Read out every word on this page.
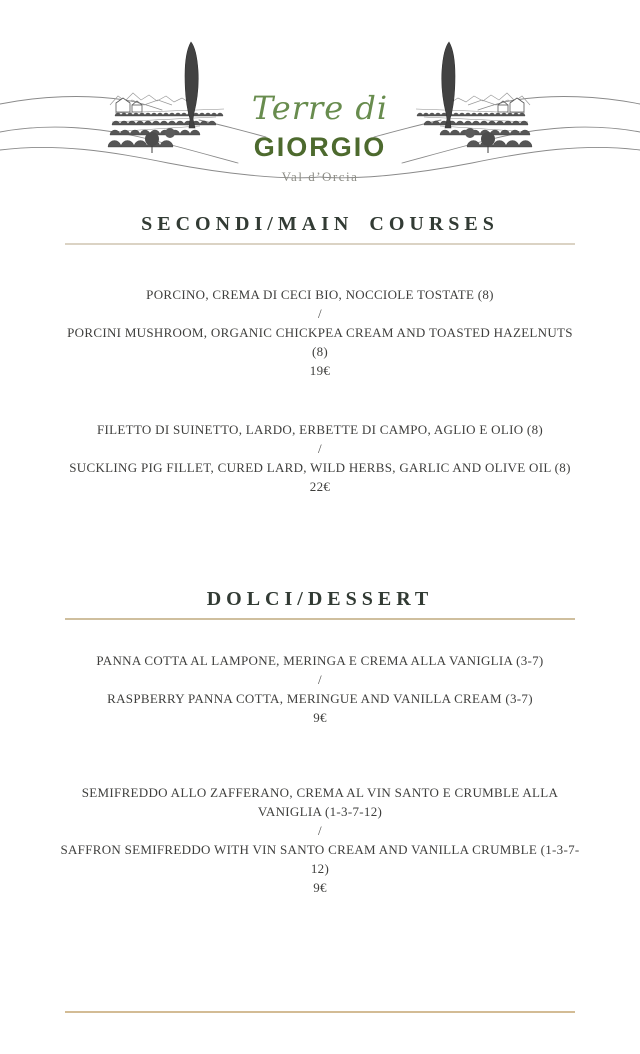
Terre di
GIORGIO
Val d’Orcia
SECONDI/MAIN COURSES
PORCINO, CREMA DI CECI BIO, NOCCIOLE TOSTATE (8)
/
PORCINI MUSHROOM, ORGANIC CHICKPEA CREAM AND TOASTED HAZELNUTS (8)
19€
FILETTO DI SUINETTO, LARDO, ERBETTE DI CAMPO, AGLIO E OLIO (8)
/
SUCKLING PIG FILLET, CURED LARD, WILD HERBS, GARLIC AND OLIVE OIL (8)
22€
DOLCI/DESSERT
PANNA COTTA AL LAMPONE, MERINGA E CREMA ALLA VANIGLIA (3-7)
/
RASPBERRY PANNA COTTA, MERINGUE AND VANILLA CREAM (3-7)
9€
SEMIFREDDO ALLO ZAFFERANO, CREMA AL VIN SANTO E CRUMBLE ALLA VANIGLIA (1-3-7-12)
/
SAFFRON SEMIFREDDO WITH VIN SANTO CREAM AND VANILLA CRUMBLE (1-3-7-12)
9€
